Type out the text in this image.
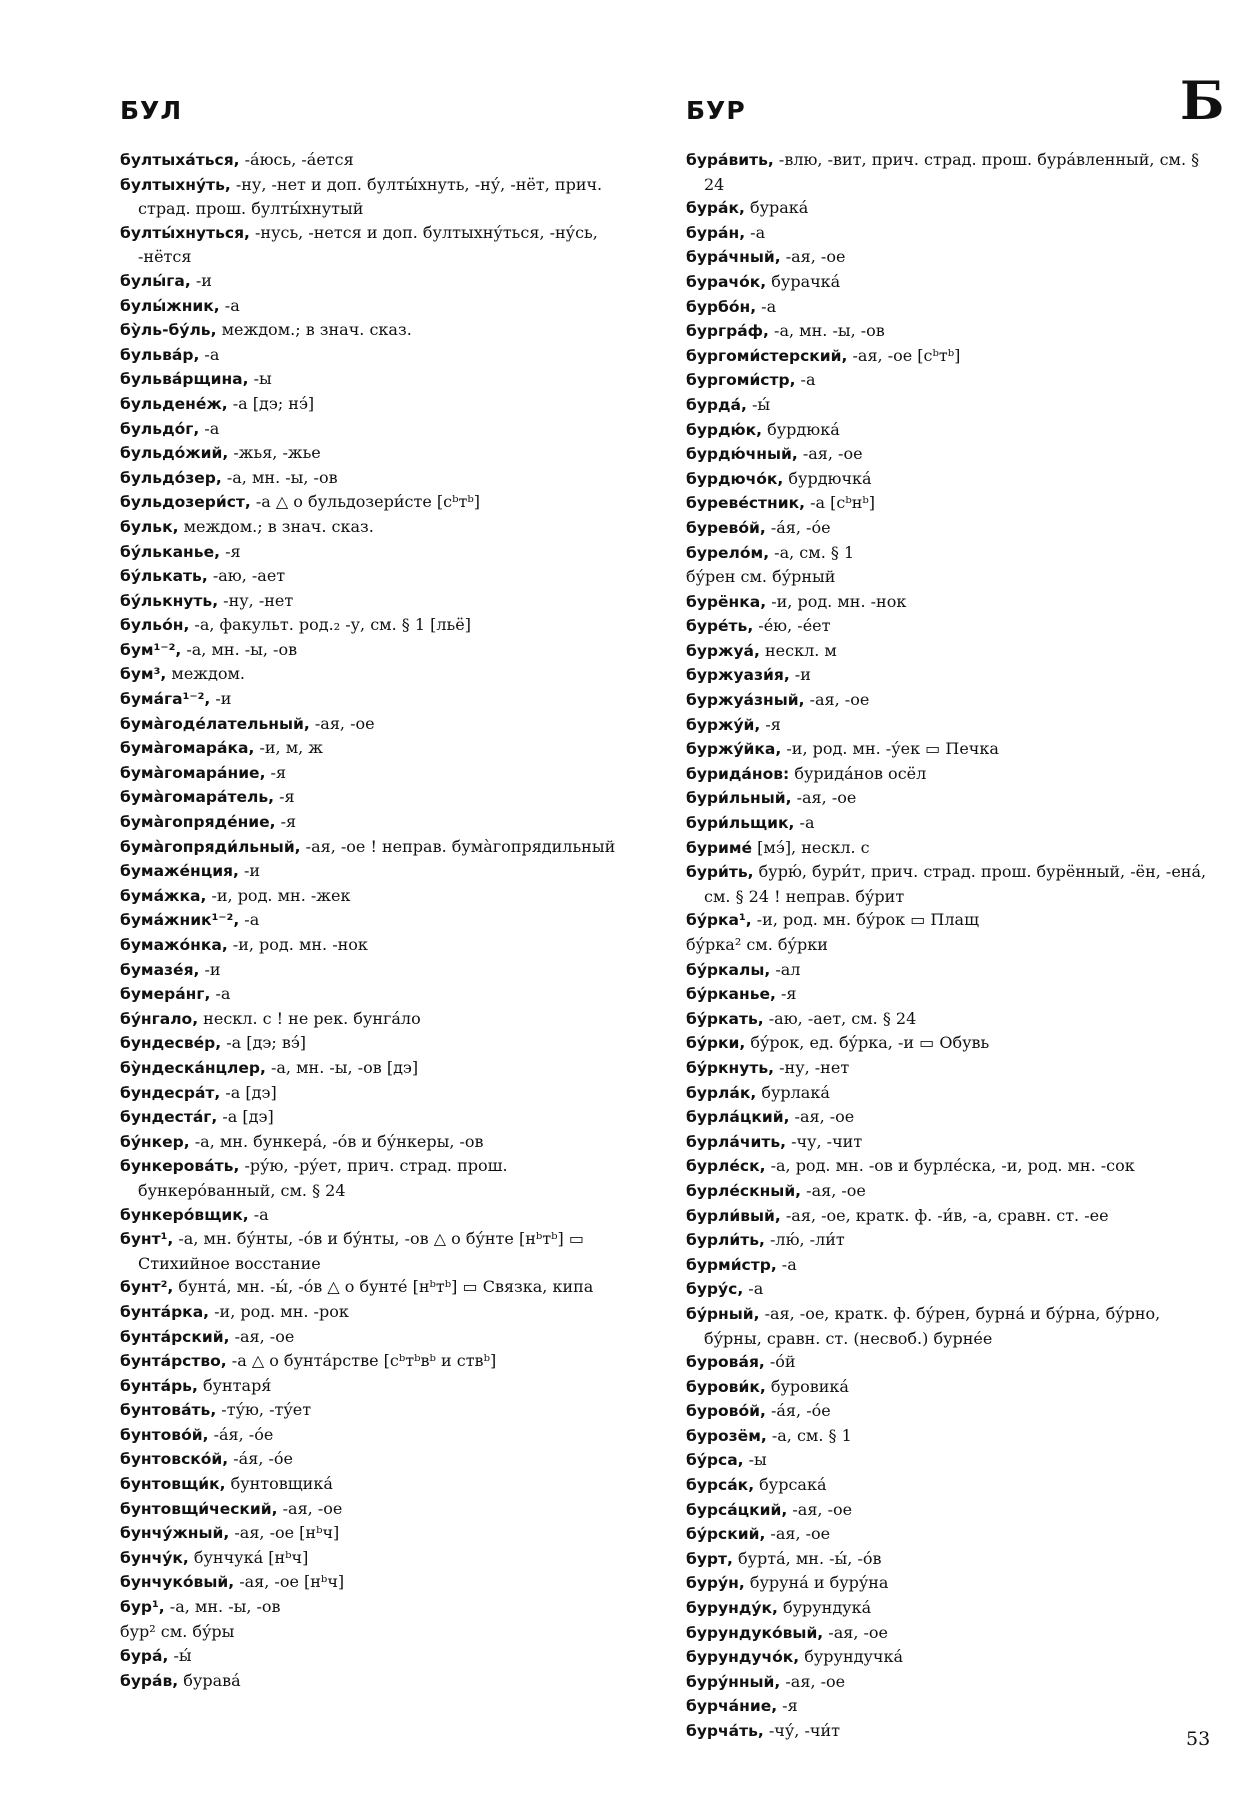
БУЛ	БУР	Б

бултыха́ться, -а́юсь, -а́ется

бултыхну́ть, -ну, -нет и доп. булты́хнуть, -ну́, -нёт, прич. страд. прош. булты́хнутый

булты́хнуться, -нусь, -нется и доп. бултыхну́ться, -ну́сь, -нётся

булы́га, -и

булы́жник, -а

бу̀ль-бу́ль, междом.; в знач. сказ.

бульва́р, -а

бульва́рщина, -ы

бульдене́ж, -а [дэ; нэ́]

бульдо́г, -а

бульдо́жий, -жья, -жье

бульдо́зер, -а, мн. -ы, -ов

бульдозери́ст, -а △ о бульдозери́сте [сᵇтᵇ]

бульк, междом.; в знач. сказ.

бу́льканье, -я

бу́лькать, -аю, -ает

бу́лькнуть, -ну, -нет

бульо́н, -а, факульт. род.₂ -у, см. § 1 [льё]

бум¹⁻², -а, мн. -ы, -ов

бум³, междом.

бума́га¹⁻², -и

бума̀годе́лательный, -ая, -ое

бума̀гомара́ка, -и, м, ж

бума̀гомара́ние, -я

бума̀гомара́тель, -я

бума̀гопряде́ние, -я

бума̀гопряди́льный, -ая, -ое ! неправ. бума̀гопрядильный

бумаже́нция, -и

бума́жка, -и, род. мн. -жек

бума́жник¹⁻², -а

бумажо́нка, -и, род. мн. -нок

бумазе́я, -и

бумера́нг, -а

бу́нгало, нескл. с ! не рек. бунга́ло

бундесве́р, -а [дэ; вэ́]

бу̀ндеска́нцлер, -а, мн. -ы, -ов [дэ]

бундесра́т, -а [дэ]

бундеста́г, -а [дэ]

бу́нкер, -а, мн. бункера́, -о́в и бу́нкеры, -ов

бункерова́ть, -ру́ю, -ру́ет, прич. страд. прош. бункеро́ванный, см. § 24

бункеро́вщик, -а

бунт¹, -а, мн. бу́нты, -о́в и бу́нты, -ов △ о бу́нте [нᵇтᵇ] ▭ Стихийное восстание

бунт², бунта́, мн. -ы́, -о́в △ о бунте́ [нᵇтᵇ] ▭ Связка, кипа

бунта́рка, -и, род. мн. -рок

бунта́рский, -ая, -ое

бунта́рство, -а △ о бунта́рстве [сᵇтᵇвᵇ и ствᵇ]

бунта́рь, бунтаря́

бунтова́ть, -ту́ю, -ту́ет

бунтово́й, -а́я, -о́е

бунтовско́й, -а́я, -о́е

бунтовщи́к, бунтовщика́

бунтовщи́ческий, -ая, -ое

бунчу́жный, -ая, -ое [нᵇч]

бунчу́к, бунчука́ [нᵇч]

бунчуко́вый, -ая, -ое [нᵇч]

бур¹, -а, мн. -ы, -ов

бур² см. бу́ры

бура́, -ы́

бура́в, бурава́

бура́вить, -влю, -вит, прич. страд. прош. бура́вленный, см. § 24

бура́к, бурака́

бура́н, -а

бура́чный, -ая, -ое

бурачо́к, бурачка́

бурбо́н, -а

бургра́ф, -а, мн. -ы, -ов

бургоми́стерский, -ая, -ое [сᵇтᵇ]

бургоми́стр, -а

бурда́, -ы́

бурдю́к, бурдюка́

бурдю́чный, -ая, -ое

бурдючо́к, бурдючка́

буреве́стник, -а [сᵇнᵇ]

бурево́й, -а́я, -о́е

бурело́м, -а, см. § 1

бу́рен см. бу́рный

бурёнка, -и, род. мн. -нок

буре́ть, -е́ю, -е́ет

буржуа́, нескл. м

буржуази́я, -и

буржуа́зный, -ая, -ое

буржу́й, -я

буржу́йка, -и, род. мн. -у́ек ▭ Печка

бурида́нов: бурида́нов осёл

бури́льный, -ая, -ое

бури́льщик, -а

буриме́ [мэ́], нескл. с

бури́ть, бурю́, бури́т, прич. страд. прош. бурённый, -ён, -ена́, см. § 24 ! неправ. бу́рит

бу́рка¹, -и, род. мн. бу́рок ▭ Плащ

бу́рка² см. бу́рки

бу́ркалы, -ал

бу́рканье, -я

бу́ркать, -аю, -ает, см. § 24

бу́рки, бу́рок, ед. бу́рка, -и ▭ Обувь

бу́ркнуть, -ну, -нет

бурла́к, бурлака́

бурла́цкий, -ая, -ое

бурла́чить, -чу, -чит

бурле́ск, -а, род. мн. -ов и бурле́ска, -и, род. мн. -сок

бурле́скный, -ая, -ое

бурли́вый, -ая, -ое, кратк. ф. -и́в, -а, сравн. ст. -ее

бурли́ть, -лю́, -ли́т

бурми́стр, -а

буру́с, -а

бу́рный, -ая, -ое, кратк. ф. бу́рен, бурна́ и бу́рна, бу́рно, бу́рны, сравн. ст. (несвоб.) бурне́е

бурова́я, -о́й

бурови́к, буровика́

бурово́й, -а́я, -о́е

бурозём, -а, см. § 1

бу́рса, -ы

бурса́к, бурсака́

бурса́цкий, -ая, -ое

бу́рский, -ая, -ое

бурт, бурта́, мн. -ы́, -о́в

буру́н, буруна́ и буру́на

бурунду́к, бурундука́

бурундуко́вый, -ая, -ое

бурундучо́к, бурундучка́

буру́нный, -ая, -ое

бурча́ние, -я

бурча́ть, -чу́, -чи́т	53
